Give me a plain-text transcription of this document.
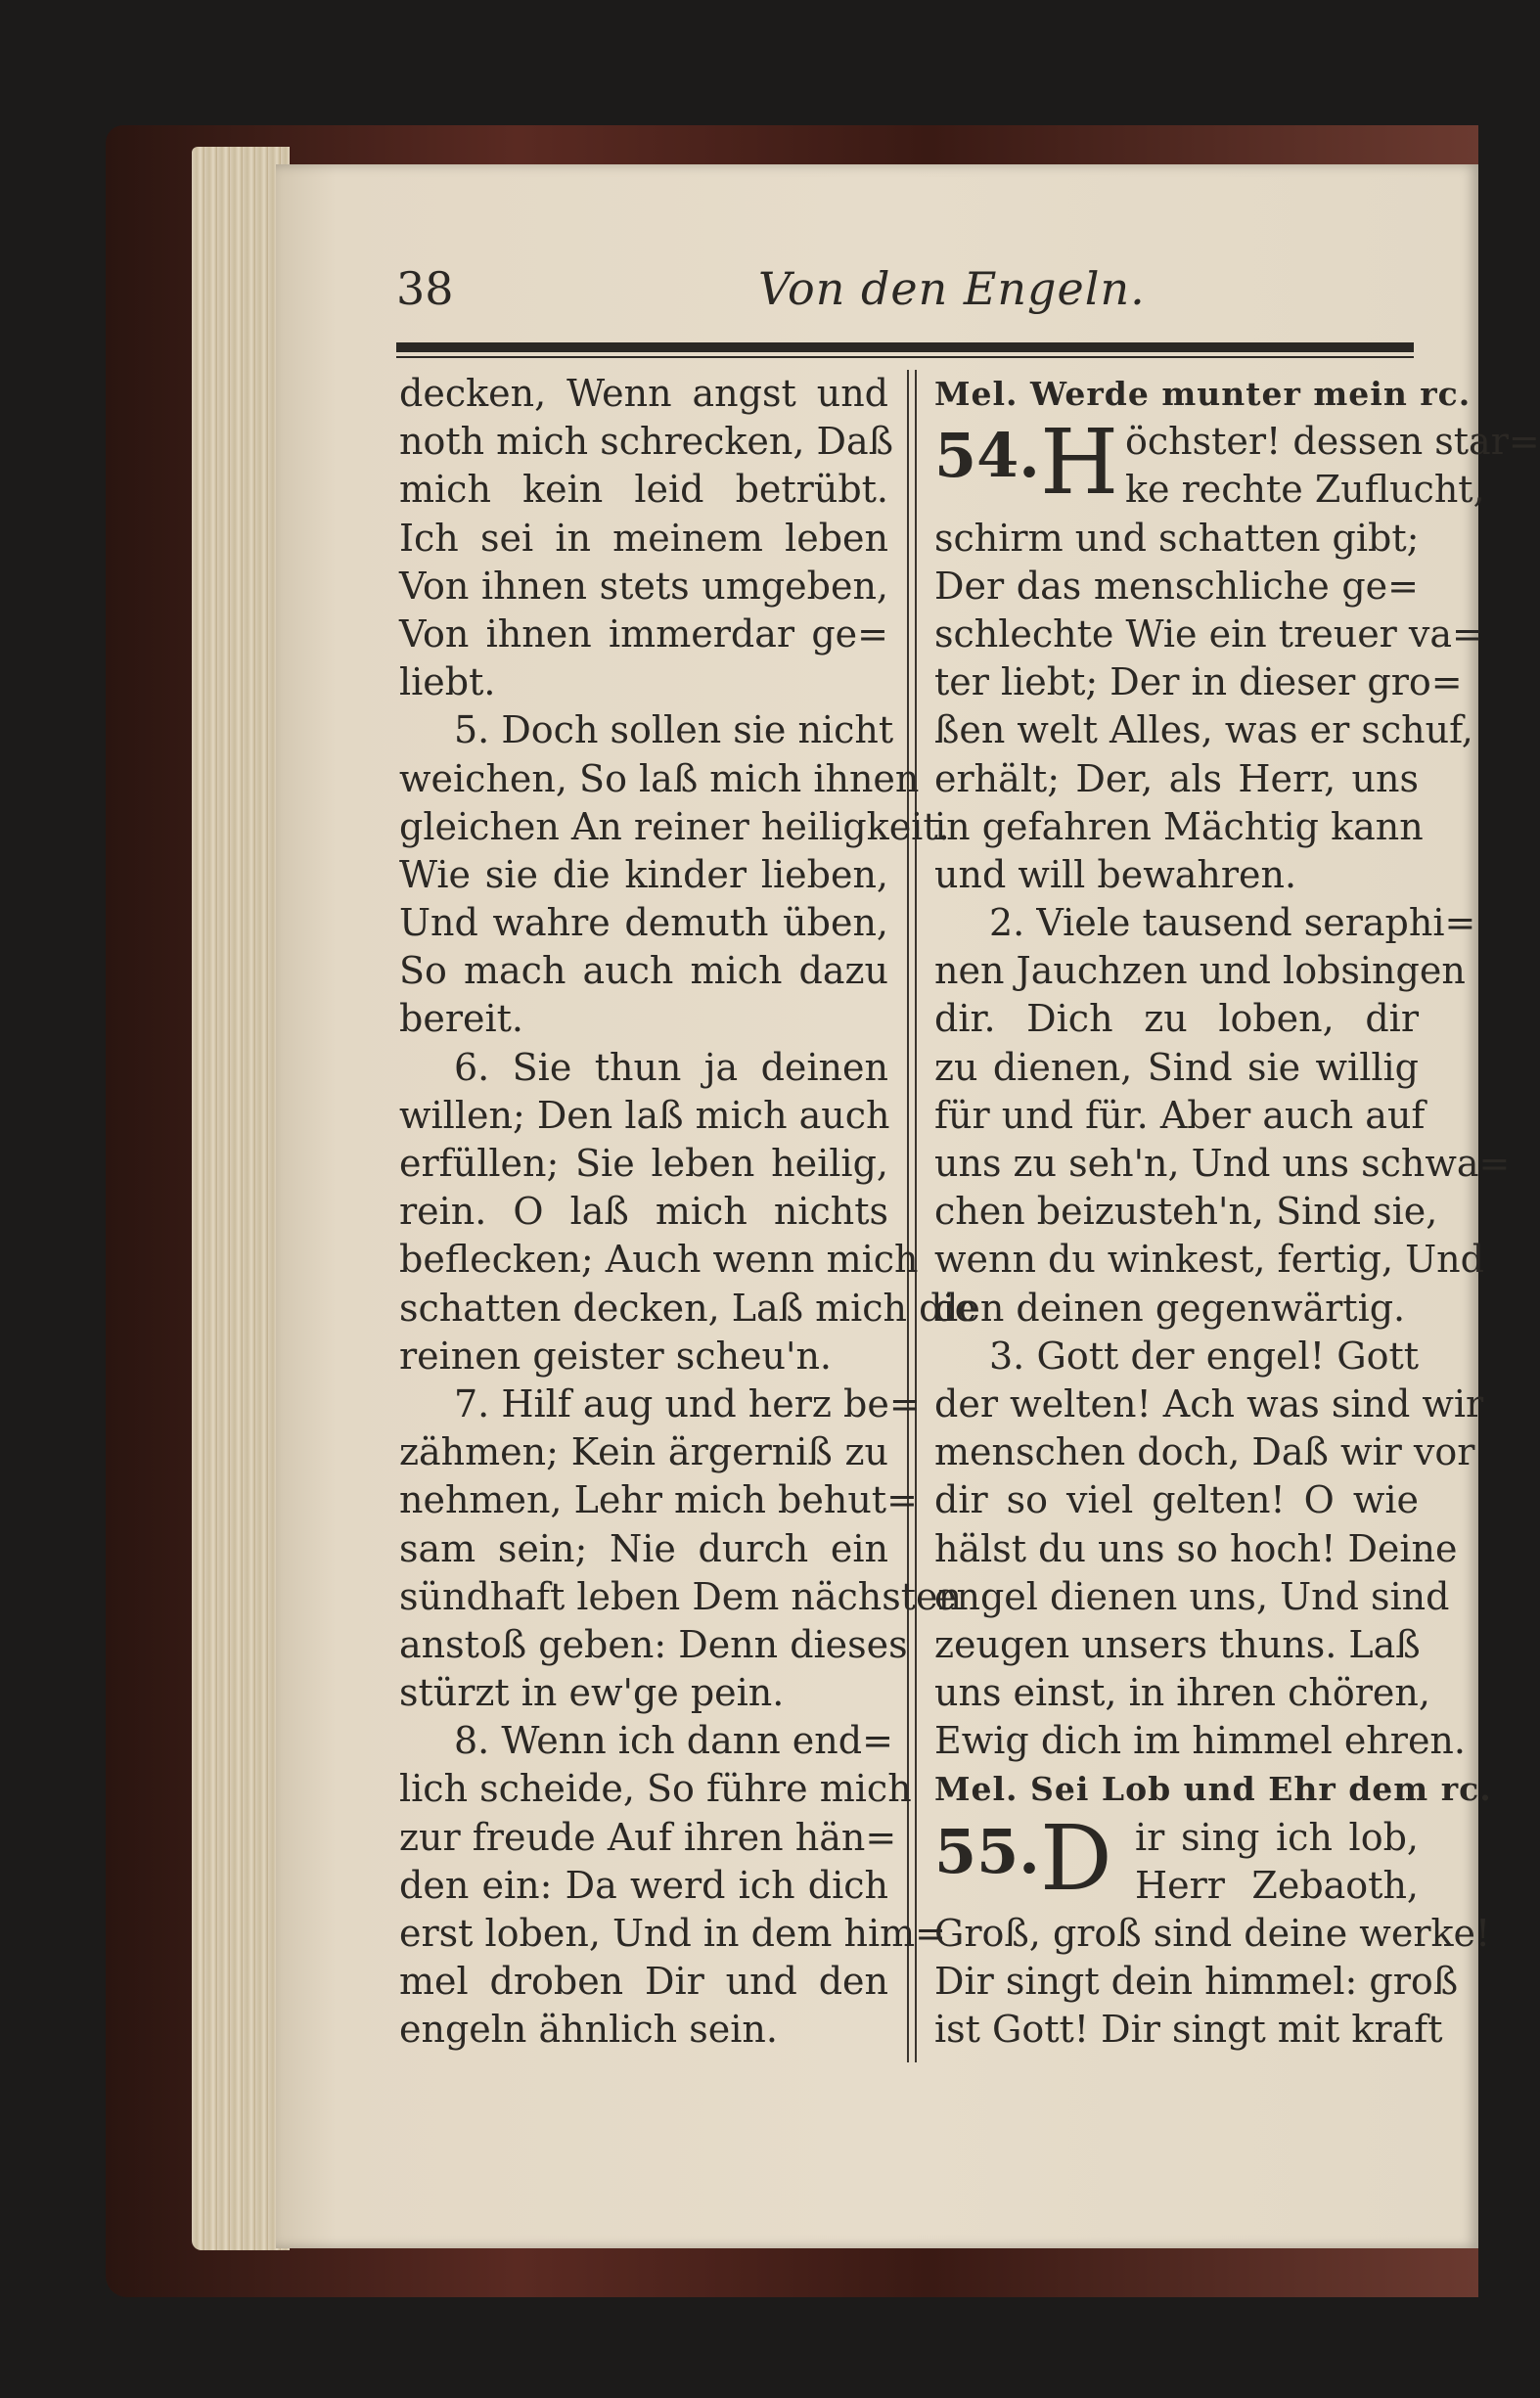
38	Von den Engeln.
decken, Wenn angst und
noth mich schrecken, Daß
mich kein leid betrübt.
Ich sei in meinem leben
Von ihnen stets umgeben,
Von ihnen immerdar ge=
liebt.
5. Doch sollen sie nicht
weichen, So laß mich ihnen
gleichen An reiner heiligkeit.
Wie sie die kinder lieben,
Und wahre demuth üben,
So mach auch mich dazu
bereit.
6. Sie thun ja deinen
willen; Den laß mich auch
erfüllen; Sie leben heilig,
rein. O laß mich nichts
beflecken; Auch wenn mich
schatten decken, Laß mich die
reinen geister scheu'n.
7. Hilf aug und herz be=
zähmen; Kein ärgerniß zu
nehmen, Lehr mich behut=
sam sein; Nie durch ein
sündhaft leben Dem nächsten
anstoß geben: Denn dieses
stürzt in ew'ge pein.
8. Wenn ich dann end=
lich scheide, So führe mich
zur freude Auf ihren hän=
den ein: Da werd ich dich
erst loben, Und in dem him=
mel droben Dir und den
engeln ähnlich sein.
Mel. Werde munter mein rc.
54. H öchster! dessen star=
ke rechte Zuflucht,
schirm und schatten gibt;
Der das menschliche ge=
schlechte Wie ein treuer va=
ter liebt; Der in dieser gro=
ßen welt Alles, was er schuf,
erhält; Der, als Herr, uns
in gefahren Mächtig kann
und will bewahren.
2. Viele tausend seraphi=
nen Jauchzen und lobsingen
dir. Dich zu loben, dir
zu dienen, Sind sie willig
für und für. Aber auch auf
uns zu seh'n, Und uns schwa=
chen beizusteh'n, Sind sie,
wenn du winkest, fertig, Und
den deinen gegenwärtig.
3. Gott der engel! Gott
der welten! Ach was sind wir
menschen doch, Daß wir vor
dir so viel gelten! O wie
hälst du uns so hoch! Deine
engel dienen uns, Und sind
zeugen unsers thuns. Laß
uns einst, in ihren chören,
Ewig dich im himmel ehren.
Mel. Sei Lob und Ehr dem rc.
55. D ir sing ich lob,
Herr Zebaoth,
Groß, groß sind deine werke!
Dir singt dein himmel: groß
ist Gott! Dir singt mit kraft
